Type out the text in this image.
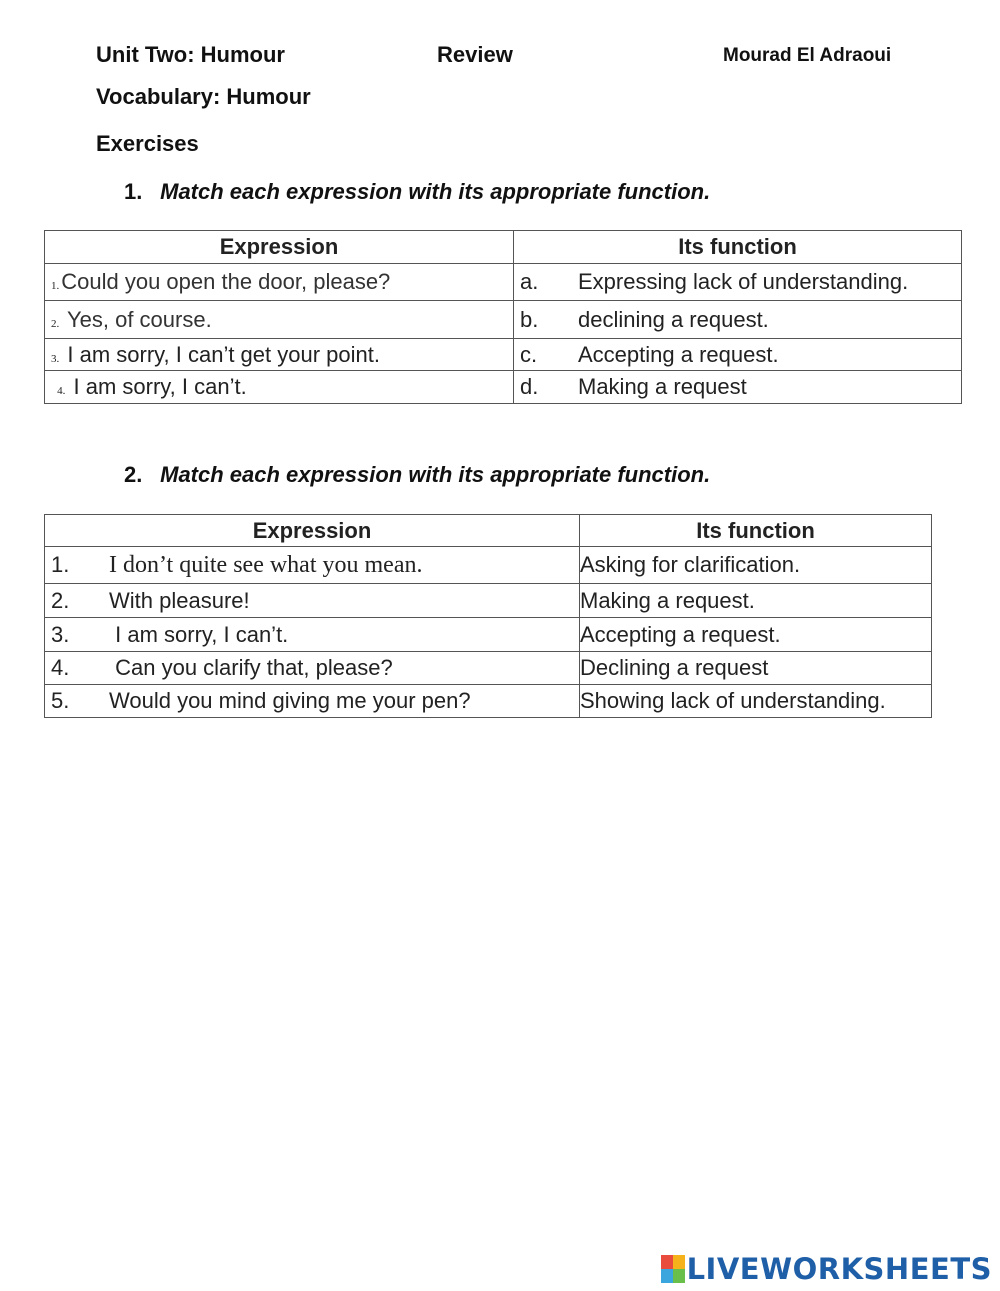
Unit Two: Humour	Review	Mourad El Adraoui
Vocabulary: Humour
Exercises
1. Match each expression with its appropriate function.
Expression	Its function
1.Could you open the door, please?	a. Expressing lack of understanding.
2. Yes, of course.	b. declining a request.
3. I am sorry, I can’t get your point.	c. Accepting a request.
4. I am sorry, I can’t.	d. Making a request
2. Match each expression with its appropriate function.
Expression	Its function
1. I don’t quite see what you mean.	Asking for clarification.
2. With pleasure!	Making a request.
3. I am sorry, I can’t.	Accepting a request.
4. Can you clarify that, please?	Declining a request
5. Would you mind giving me your pen?	Showing lack of understanding.
LIVEWORKSHEETS
